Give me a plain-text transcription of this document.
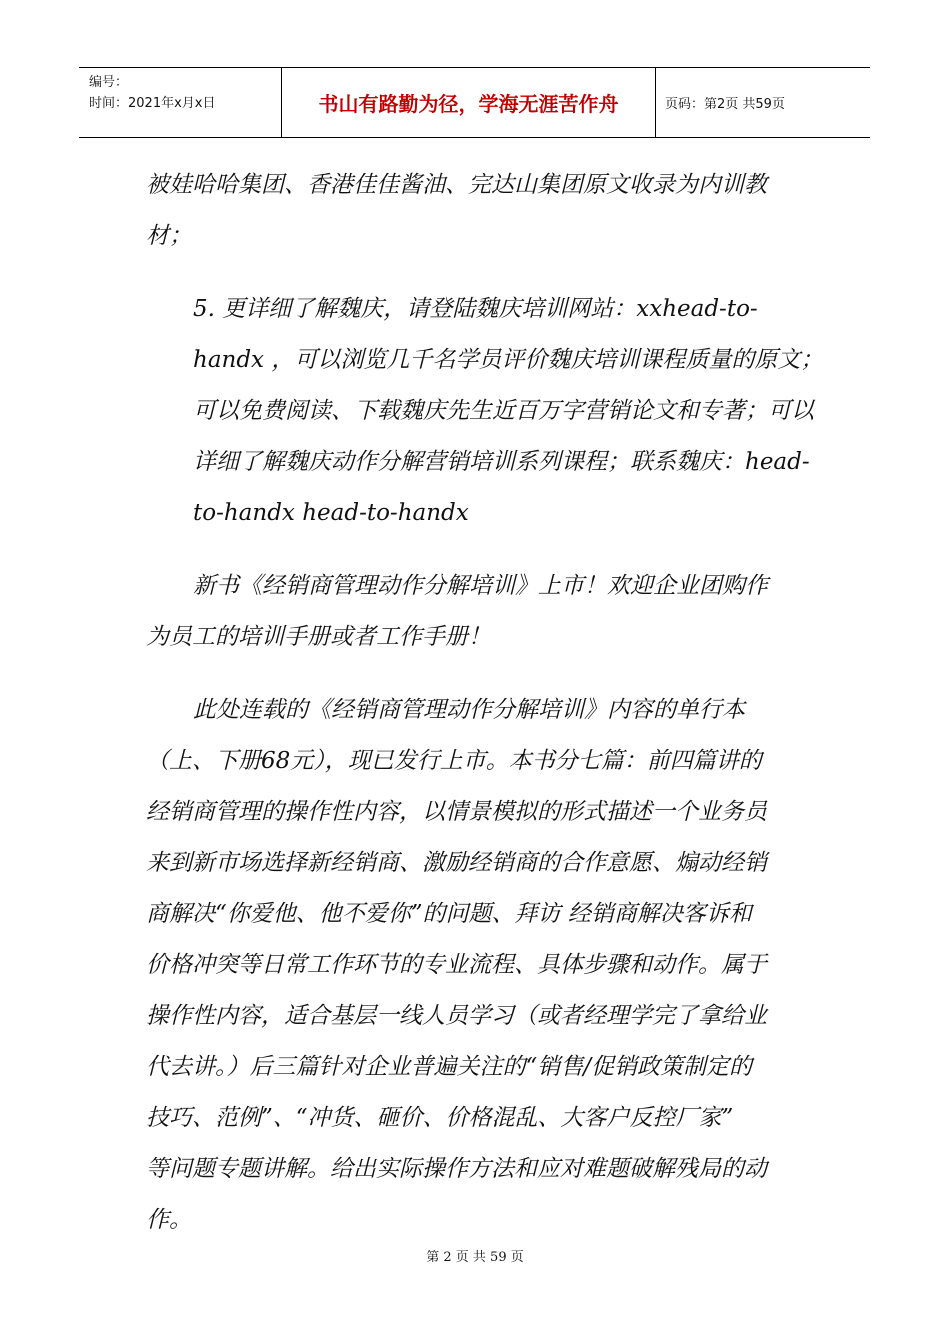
编号：
时间：2021年x月x日	书山有路勤为径，学海无涯苦作舟	页码：第2页 共59页
被娃哈哈集团、香港佳佳酱油、完达山集团原文收录为内训教
材；
5. 更详细了解魏庆，请登陆魏庆培训网站：xxhead-to-
handx ，可以浏览几千名学员评价魏庆培训课程质量的原文；
可以免费阅读、下载魏庆先生近百万字营销论文和专著；可以
详细了解魏庆动作分解营销培训系列课程；联系魏庆：head-
to-handx head-to-handx
新书《经销商管理动作分解培训》上市！欢迎企业团购作
为员工的培训手册或者工作手册！
此处连载的《经销商管理动作分解培训》内容的单行本
（上、下册68元），现已发行上市。本书分七篇：前四篇讲的
经销商管理的操作性内容，以情景模拟的形式描述一个业务员
来到新市场选择新经销商、激励经销商的合作意愿、煽动经销
商解决“你爱他、他不爱你”的问题、拜访 经销商解决客诉和
价格冲突等日常工作环节的专业流程、具体步骤和动作。属于
操作性内容，适合基层一线人员学习（或者经理学完了拿给业
代去讲。）后三篇针对企业普遍关注的“销售/促销政策制定的
技巧、范例”、“冲货、砸价、价格混乱、大客户反控厂家”
等问题专题讲解。给出实际操作方法和应对难题破解残局的动
作。
第 2 页 共 59 页
